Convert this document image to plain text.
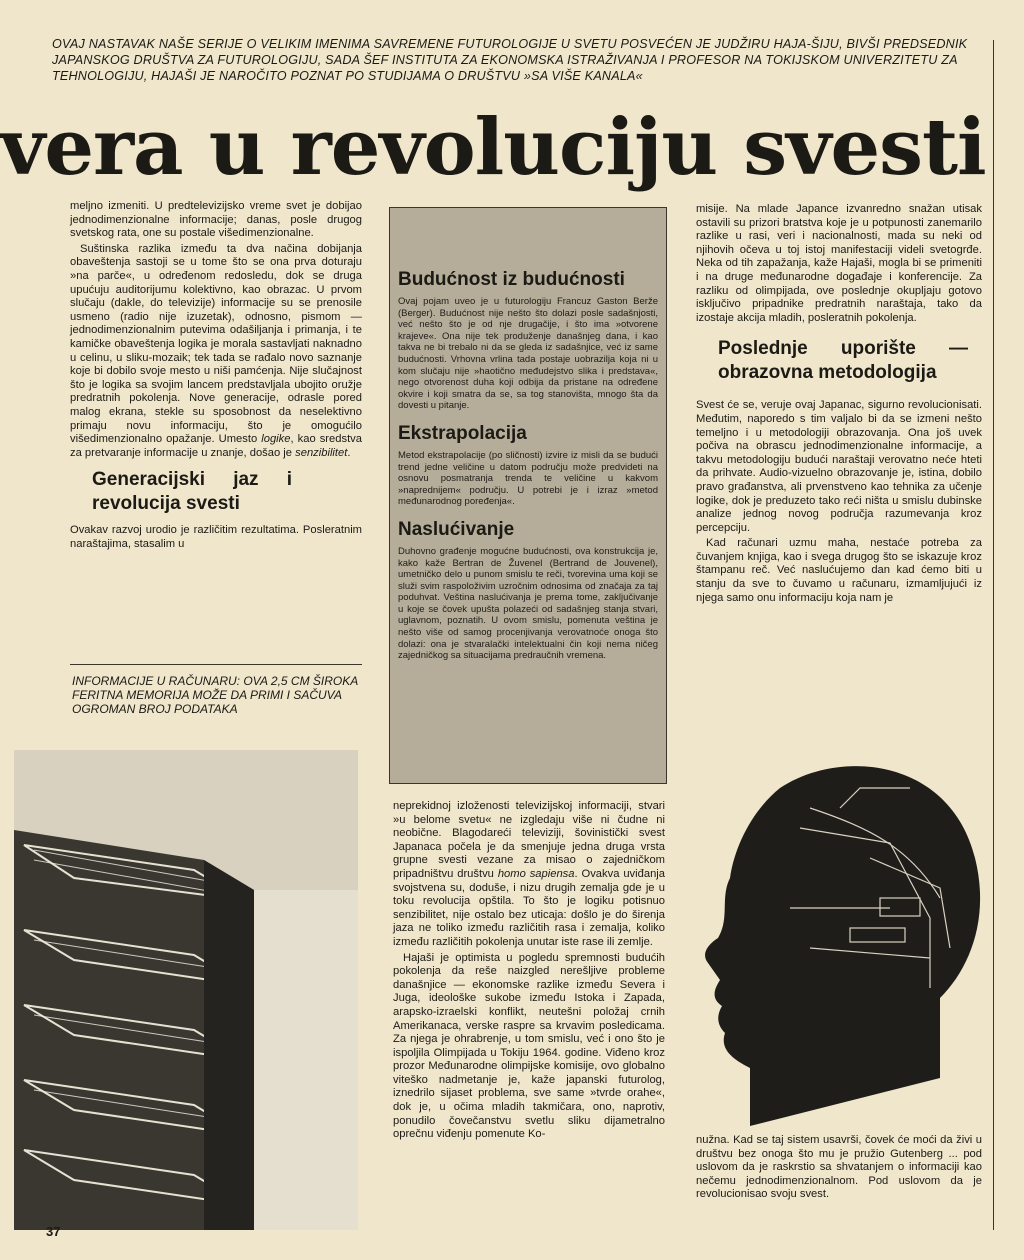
OVAJ NASTAVAK NAŠE SERIJE O VELIKIM IMENIMA SAVREMENE FUTUROLOGIJE U SVETU POSVEĆEN JE JUDŽIRU HAJA-ŠIJU, BIVŠI PREDSEDNIK JAPANSKOG DRUŠTVA ZA FUTUROLOGIJU, SADA ŠEF INSTITUTA ZA EKONOMSKA ISTRAŽIVANJA I PROFESOR NA TOKIJSKOM UNIVERZITETU ZA TEHNOLOGIJU, HAJAŠI JE NAROČITO POZNAT PO STUDIJAMA O DRUŠTVU »SA VIŠE KANALA«
vera u revoluciju svesti

meljno izmeniti. U predtelevizijsko vreme svet je dobijao jednodimenzionalne informacije; danas, posle drugog svetskog rata, one su postale višedimenzionalne.

Suštinska razlika između ta dva načina dobijanja obaveštenja sastoji se u tome što se ona prva doturaju »na parče«, u određenom redosledu, dok se druga upućuju auditorijumu kolektivno, kao obrazac. U prvom slučaju (dakle, do televizije) informacije su se prenosile usmeno (radio nije izuzetak), odnosno, pismom — jednodimenzionalnim putevima odašiljanja i primanja, i te kamičke obaveštenja logika je morala sastavljati naknadno u celinu, u sliku-mozaik; tek tada se rađalo novo saznanje koje bi dobilo svoje mesto u niši pamćenja. Nije slučajnost što je logika sa svojim lancem predstavljala ubojito oružje predratnih pokolenja. Nove generacije, odrasle pored malog ekrana, stekle su sposobnost da neselektivno primaju novu informaciju, što je omogućilo višedimenzionalno opažanje. Umesto logike, kao sredstva za pretvaranje informacije u znanje, došao je senzibilitet.

Generacijski jaz i revolucija svesti

Ovakav razvoj urodio je različitim rezultatima. Posleratnim naraštajima, stasalim u

INFORMACIJE U RAČUNARU: OVA 2,5 CM ŠIROKA FERITNA MEMORIJA MOŽE DA PRIMI I SAČUVA OGROMAN BROJ PODATAKA
37
Budućnost iz budućnosti
Ovaj pojam uveo je u futurologiju Francuz Gaston Berže (Berger). Budućnost nije nešto što dolazi posle sadašnjosti, već nešto što je od nje drugačije, i što ima »otvorene krajeve«. Ona nije tek produženje današnjeg dana, i kao takva ne bi trebalo ni da se gleda iz sadašnjice, već iz same budućnosti. Vrhovna vrlina tada postaje uobrazilja koja ni u kom slučaju nije »haotično međudejstvo slika i predstava«, nego otvorenost duha koji odbija da pristane na određene okvire i koji smatra da se, sa tog stanovišta, mnogo šta da dovesti u pitanje.
Ekstrapolacija
Metod ekstrapolacije (po sličnosti) izvire iz misli da se budući trend jedne veličine u datom području može predvideti na osnovu posmatranja trenda te veličine u kakvom »napredniјem« području. U potrebi je i izraz »metod međunarodnog poređenja«.
Naslućivanje
Duhovno građenje mogućne budućnosti, ova konstrukcija je, kako kaže Bertran de Žuvenel (Bertrand de Jouvenel), umetničko delo u punom smislu te reči, tvorevina uma koji se služi svim raspoloživim uzročnim odnosima od značaja za taj poduhvat. Veština naslućivanja je premа tome, zaključivanje u koje se čovek upušta polazeći od sadašnjeg stanja stvari, uglavnom, poznatih. U ovom smislu, pomenuta veština je nešto više od samog procenjivanja verovatnoće onoga što dolazi: ona je stvaralački intelektualni čin koji nema ničeg zajedničkog sa situacijama predraučnih vremena.

neprekidnoj izloženosti televizijskoj informaciji, stvari »u belome svetu« ne izgledaju više ni čudne ni neobične. Blagodareći televiziji, šovinistički svest Japanaca počela je da smenjuje jedna druga vrsta grupne svesti vezane za misao o zajedničkom pripadništvu društvu homo sapiensa. Ovakva uviđanja svojstvena su, doduše, i nizu drugih zemalja gde je u toku revolucija opštila. To što je logiku potisnuo senzibilitet, nije ostalo bez uticaja: došlo je do širenja jaza ne toliko između različitih rasa i zemalja, koliko između različitih pokolenja unutar iste rase ili zemlje.

Hajaši je optimista u pogledu spremnosti budućih pokolenja da reše naizgled nerešljive probleme današnjice — ekonomske razlike između Severa i Juga, ideološke sukobe između Istoka i Zapada, arapsko-izraelski konflikt, neutešni položaj crnih Amerikanaca, verske rasprе sa krvavim posledicama. Za njega je ohrabrenje, u tom smislu, već i ono što je ispoljila Olimpijada u Tokiju 1964. godine. Viđeno kroz prozor Međunarodne olimpijske komisije, ovo globalno viteško nadmetanje je, kaže japanski futurolog, iznedrilo sijaset problema, sve same »tvrde orahe«, dok je, u očima mladih takmičara, ono, naprotiv, ponudilo čovečanstvu svetlu sliku dijametralno oprečnu viđenju pomenute Ko-

misije. Na mlade Japance izvanredno snažan utisak ostavili su prizori bratstva koje je u potpunosti zanemarilo razlike u rasi, veri i nacionalnosti, mada su neki od njihovih očeva u toj istoj manifestaciji videli svetogrđe. Neka od tih zapažanja, kaže Hajaši, mogla bi se primeniti i na druge međunarodne događaje i konferencije. Za razliku od olimpijada, ove poslednje okupljaju gotovo isključivo pripadnike predratnih naraštaja, tako da izostaje akcija mladih, posleratnih pokolenja.

Poslednje uporište — obrazovna metodologija

Svest će se, veruje ovaj Japanac, sigurno revolucionisati. Međutim, naporedo s tim valjalo bi da se izmeni nešto temeljno i u metodologiji obrazovanja. Ona još uvek počiva na obrascu jednodimenzionalne informacije, a takvu metodologiju budući naraštaji verovatno neće hteti da prihvate. Audio-vizuelno obrazovanje je, istina, dobilo pravo građanstva, ali prvenstveno kao tehnika za učenje logike, dok je preduzeto tako reći ništa u smislu dubinske analize jednog novog područja razumevanja kroz percepciju.

Kad računari uzmu maha, nestaće potreba za čuvanjem knjiga, kao i svega drugog što se iskazuje kroz štampanu reč. Već naslućujemo dan kad ćemo biti u stanju da sve to čuvamo u računaru, izmamljujući iz njega samo onu informaciju koja nam je

nužna. Kad se taj sistem usavrši, čovek će moći da živi u društvu bez onoga što mu je pružio Gutenberg ... pod uslovom da je raskrstio sa shvatanjem o informaciji kao nečemu jednodimenzionalnom. Pod uslovom da je revolucionisao svoju svest.
